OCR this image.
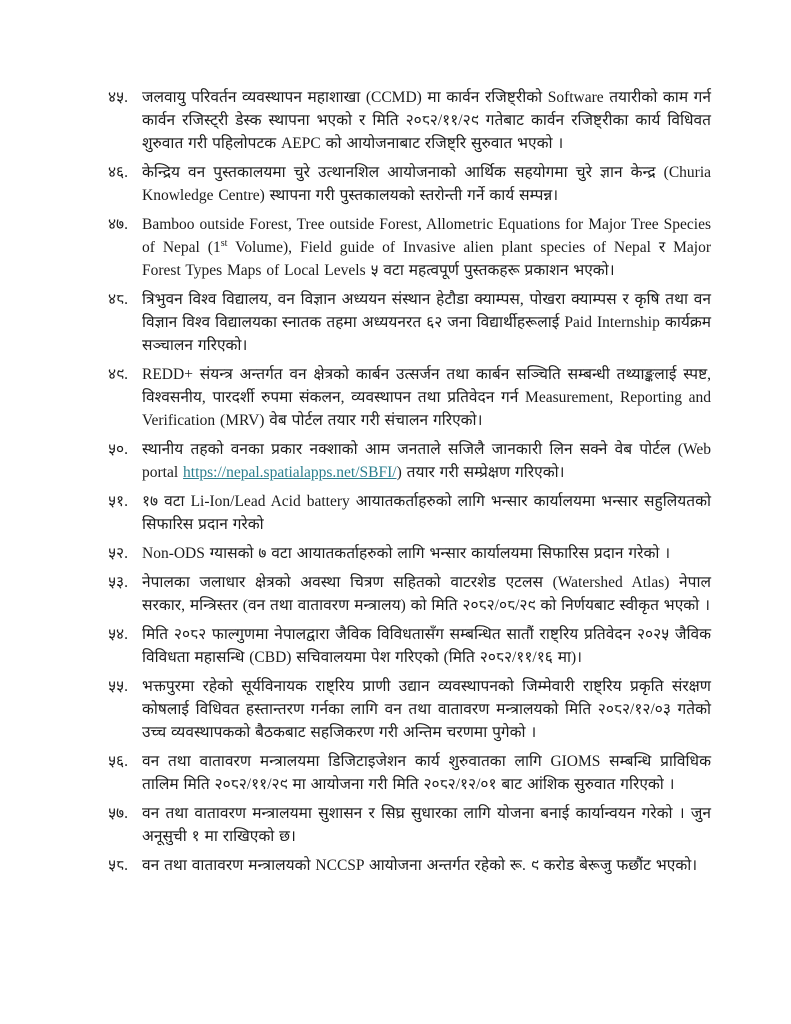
४५. जलवायु परिवर्तन व्यवस्थापन महाशाखा (CCMD) मा कार्वन रजिष्ट्रीको Software तयारीको काम गर्न कार्वन रजिस्ट्री डेस्क स्थापना भएको र मिति २०८२/११/२९ गतेबाट कार्वन रजिष्ट्रीका कार्य विधिवत शुरुवात गरी पहिलोपटक AEPC को आयोजनाबाट रजिष्ट्रि सुरुवात भएको ।
४६. केन्द्रिय वन पुस्तकालयमा चुरे उत्थानशिल आयोजनाको आर्थिक सहयोगमा चुरे ज्ञान केन्द्र (Churia Knowledge Centre) स्थापना गरी पुस्तकालयको स्तरोन्ती गर्ने कार्य सम्पन्न।
४७. Bamboo outside Forest, Tree outside Forest, Allometric Equations for Major Tree Species of Nepal (1st Volume), Field guide of Invasive alien plant species of Nepal र Major Forest Types Maps of Local Levels ५ वटा महत्वपूर्ण पुस्तकहरू प्रकाशन भएको।
४८. त्रिभुवन विश्व विद्यालय, वन विज्ञान अध्ययन संस्थान हेटौडा क्याम्पस, पोखरा क्याम्पस र कृषि तथा वन विज्ञान विश्व विद्यालयका स्नातक तहमा अध्ययनरत ६२ जना विद्यार्थीहरूलाई Paid Internship कार्यक्रम सञ्चालन गरिएको।
४९. REDD+ संयन्त्र अन्तर्गत वन क्षेत्रको कार्बन उत्सर्जन तथा कार्बन सञ्चिति सम्बन्धी तथ्याङ्कलाई स्पष्ट, विश्वसनीय, पारदर्शी रुपमा संकलन, व्यवस्थापन तथा प्रतिवेदन गर्न Measurement, Reporting and Verification (MRV) वेब पोर्टल तयार गरी संचालन गरिएको।
५०. स्थानीय तहको वनका प्रकार नक्शाको आम जनताले सजिलै जानकारी लिन सक्ने वेब पोर्टल (Web portal https://nepal.spatialapps.net/SBFI/) तयार गरी सम्प्रेक्षण गरिएको।
५१. १७ वटा Li-Ion/Lead Acid battery आयातकर्ताहरुको लागि भन्सार कार्यालयमा भन्सार सहुलियतको सिफारिस प्रदान गरेको
५२. Non-ODS ग्यासको ७ वटा आयातकर्ताहरुको लागि भन्सार कार्यालयमा सिफारिस प्रदान गरेको ।
५३. नेपालका जलाधार क्षेत्रको अवस्था चित्रण सहितको वाटरशेड एटलस (Watershed Atlas) नेपाल सरकार, मन्त्रिस्तर (वन तथा वातावरण मन्त्रालय) को मिति २०८२/०८/२९ को निर्णयबाट स्वीकृत भएको ।
५४. मिति २०८२ फाल्गुणमा नेपालद्वारा जैविक विविधतासँग सम्बन्धित सातौं राष्ट्रिय प्रतिवेदन २०२५ जैविक विविधता महासन्धि (CBD) सचिवालयमा पेश गरिएको (मिति २०८२/११/१६ मा)।
५५. भक्तपुरमा रहेको सूर्यविनायक राष्ट्रिय प्राणी उद्यान व्यवस्थापनको जिम्मेवारी राष्ट्रिय प्रकृति संरक्षण कोषलाई विधिवत हस्तान्तरण गर्नका लागि वन तथा वातावरण मन्त्रालयको मिति २०८२/१२/०३ गतेको उच्च व्यवस्थापकको बैठकबाट सहजिकरण गरी अन्तिम चरणमा पुगेको ।
५६. वन तथा वातावरण मन्त्रालयमा डिजिटाइजेशन कार्य शुरुवातका लागि GIOMS सम्बन्धि प्राविधिक तालिम मिति २०८२/११/२९ मा आयोजना गरी मिति २०८२/१२/०१ बाट आंशिक सुरुवात गरिएको ।
५७. वन तथा वातावरण मन्त्रालयमा सुशासन र सिघ्र सुधारका लागि योजना बनाई कार्यान्वयन गरेको । जुन अनूसुची १ मा राखिएको छ।
५८. वन तथा वातावरण मन्त्रालयको NCCSP आयोजना अन्तर्गत रहेको रू. ९ करोड बेरूजु फछौंट भएको।
